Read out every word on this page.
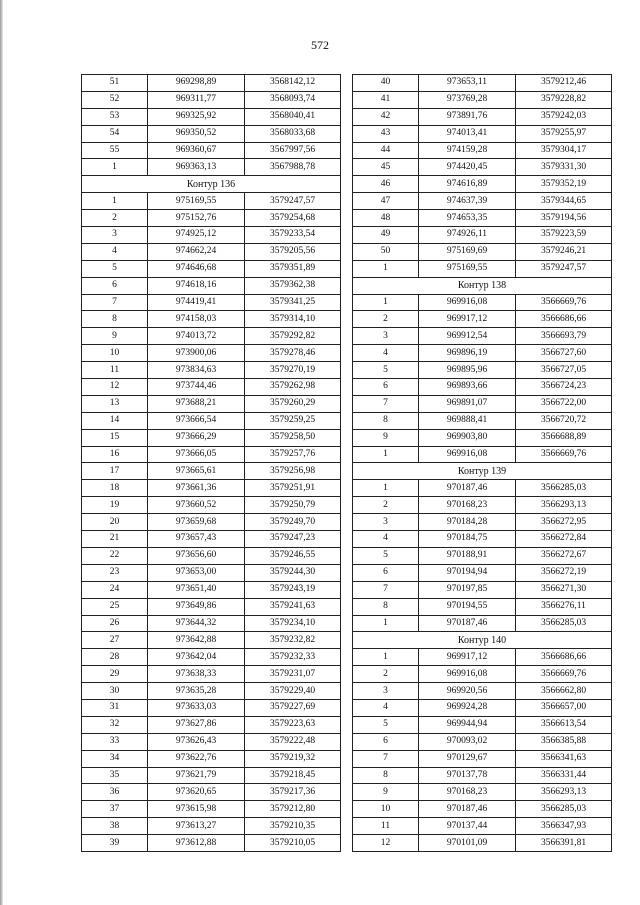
572
51	969298,89	3568142,12
52	969311,77	3568093,74
53	969325,92	3568040,41
54	969350,52	3568033,68
55	969360,67	3567997,56
1	969363,13	3567988,78
Контур 136		
1	975169,55	3579247,57
2	975152,76	3579254,68
3	974925,12	3579233,54
4	974662,24	3579205,56
5	974646,68	3579351,89
6	974618,16	3579362,38
7	974419,41	3579341,25
8	974158,03	3579314,10
9	974013,72	3579292,82
10	973900,06	3579278,46
11	973834,63	3579270,19
12	973744,46	3579262,98
13	973688,21	3579260,29
14	973666,54	3579259,25
15	973666,29	3579258,50
16	973666,05	3579257,76
17	973665,61	3579256,98
18	973661,36	3579251,91
19	973660,52	3579250,79
20	973659,68	3579249,70
21	973657,43	3579247,23
22	973656,60	3579246,55
23	973653,00	3579244,30
24	973651,40	3579243,19
25	973649,86	3579241,63
26	973644,32	3579234,10
27	973642,88	3579232,82
28	973642,04	3579232,33
29	973638,33	3579231,07
30	973635,28	3579229,40
31	973633,03	3579227,69
32	973627,86	3579223,63
33	973626,43	3579222,48
34	973622,76	3579219,32
35	973621,79	3579218,45
36	973620,65	3579217,36
37	973615,98	3579212,80
38	973613,27	3579210,35
39	973612,88	3579210,05
40	973653,11	3579212,46
41	973769,28	3579228,82
42	973891,76	3579242,03
43	974013,41	3579255,97
44	974159,28	3579304,17
45	974420,45	3579331,30
46	974616,89	3579352,19
47	974637,39	3579344,65
48	974653,35	3579194,56
49	974926,11	3579223,59
50	975169,69	3579246,21
1	975169,55	3579247,57
Контур 138		
1	969916,08	3566669,76
2	969917,12	3566686,66
3	969912,54	3566693,79
4	969896,19	3566727,60
5	969895,96	3566727,05
6	969893,66	3566724,23
7	969891,07	3566722,00
8	969888,41	3566720,72
9	969903,80	3566688,89
1	969916,08	3566669,76
Контур 139		
1	970187,46	3566285,03
2	970168,23	3566293,13
3	970184,28	3566272,95
4	970184,75	3566272,84
5	970188,91	3566272,67
6	970194,94	3566272,19
7	970197,85	3566271,30
8	970194,55	3566276,11
1	970187,46	3566285,03
Контур 140		
1	969917,12	3566686,66
2	969916,08	3566669,76
3	969920,56	3566662,80
4	969924,28	3566657,00
5	969944,94	3566613,54
6	970093,02	3566385,88
7	970129,67	3566341,63
8	970137,78	3566331,44
9	970168,23	3566293,13
10	970187,46	3566285,03
11	970137,44	3566347,93
12	970101,09	3566391,81
